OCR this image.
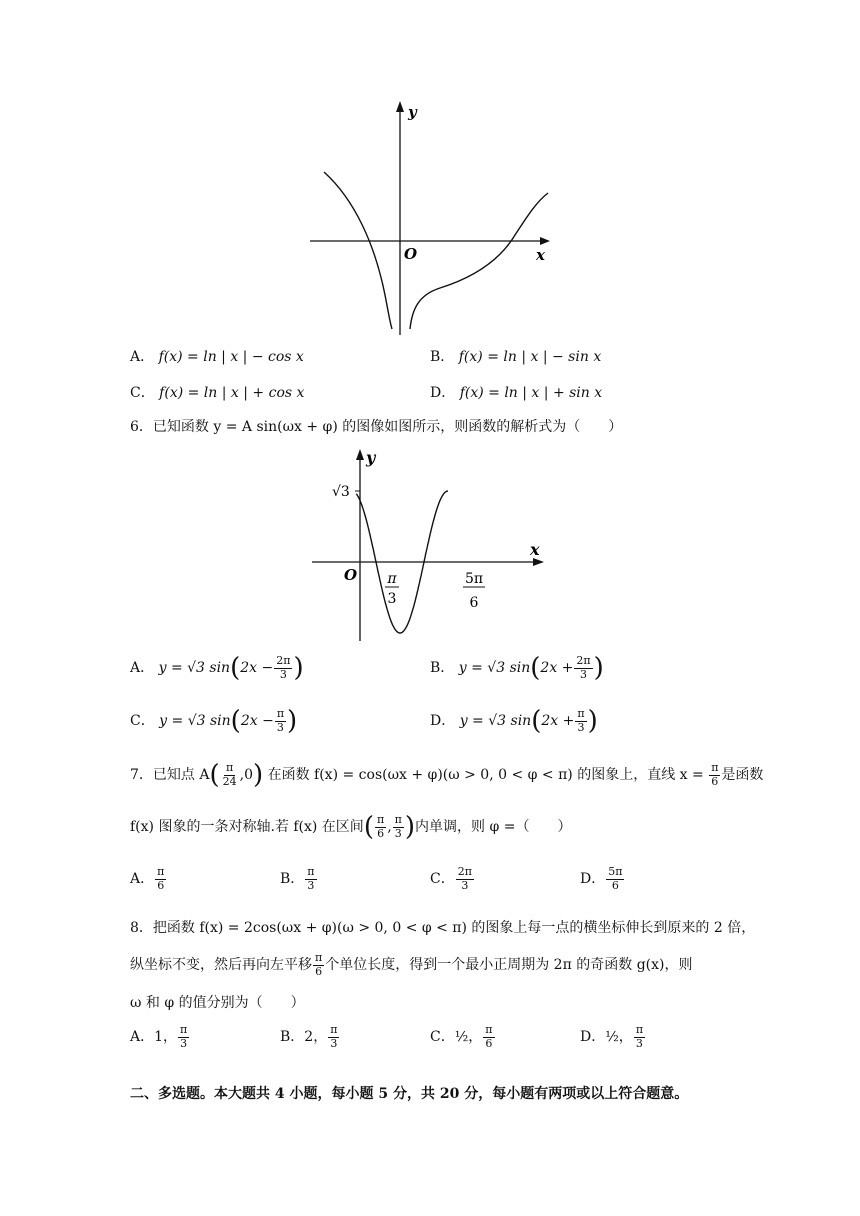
y
x
O
A． f(x) = ln | x | − cos x	B． f(x) = ln | x | − sin x
C． f(x) = ln | x | + cos x	D． f(x) = ln | x | + sin x
6．已知函数 y = A sin(ωx + φ) 的图像如图所示，则函数的解析式为（　　）
y
x
O
√3
π
3
5π
6
A． y = √3 $\sin(2x - \frac{2\pi}{3}$ )	B． y = √3 $\sin(2x + \frac{2\pi}{3}$ )
C． y = √3 $\sin(2x - \frac{\pi}{3}$ )	D． y = √3 $\sin(2x + \frac{\pi}{3}$ )
7．已知点 $A( \frac{\pi}{24} ,0)$ 在函数 f(x) = cos(ωx + φ)(ω > 0, 0 < φ < π) 的图象上，直线 $x = \frac{\pi}{6}$ 是函数
f(x) 图象的一条对称轴.若 f(x) 在区间( $\frac{\pi}{6}$ , $\frac{\pi}{3}$ )内单调，则 φ =（　　）
A． $\frac{\pi}{6}$	B． $\frac{\pi}{3}$	C． $\frac{2\pi}{3}$	D． $\frac{5\pi}{6}$
8．把函数 f(x) = 2cos(ωx + φ)(ω > 0, 0 < φ < π) 的图象上每一点的横坐标伸长到原来的 2 倍，
纵坐标不变，然后再向左平移 $\frac{\pi}{6}$ 个单位长度，得到一个最小正周期为 2π 的奇函数 g(x)，则
ω 和 φ 的值分别为（　　）
A．1， $\frac{\pi}{3}$	B．2， $\frac{\pi}{3}$	C．½， $\frac{\pi}{6}$	D．½， $\frac{\pi}{3}$
二、多选题。本大题共 4 小题，每小题 5 分，共 20 分，每小题有两项或以上符合题意。
